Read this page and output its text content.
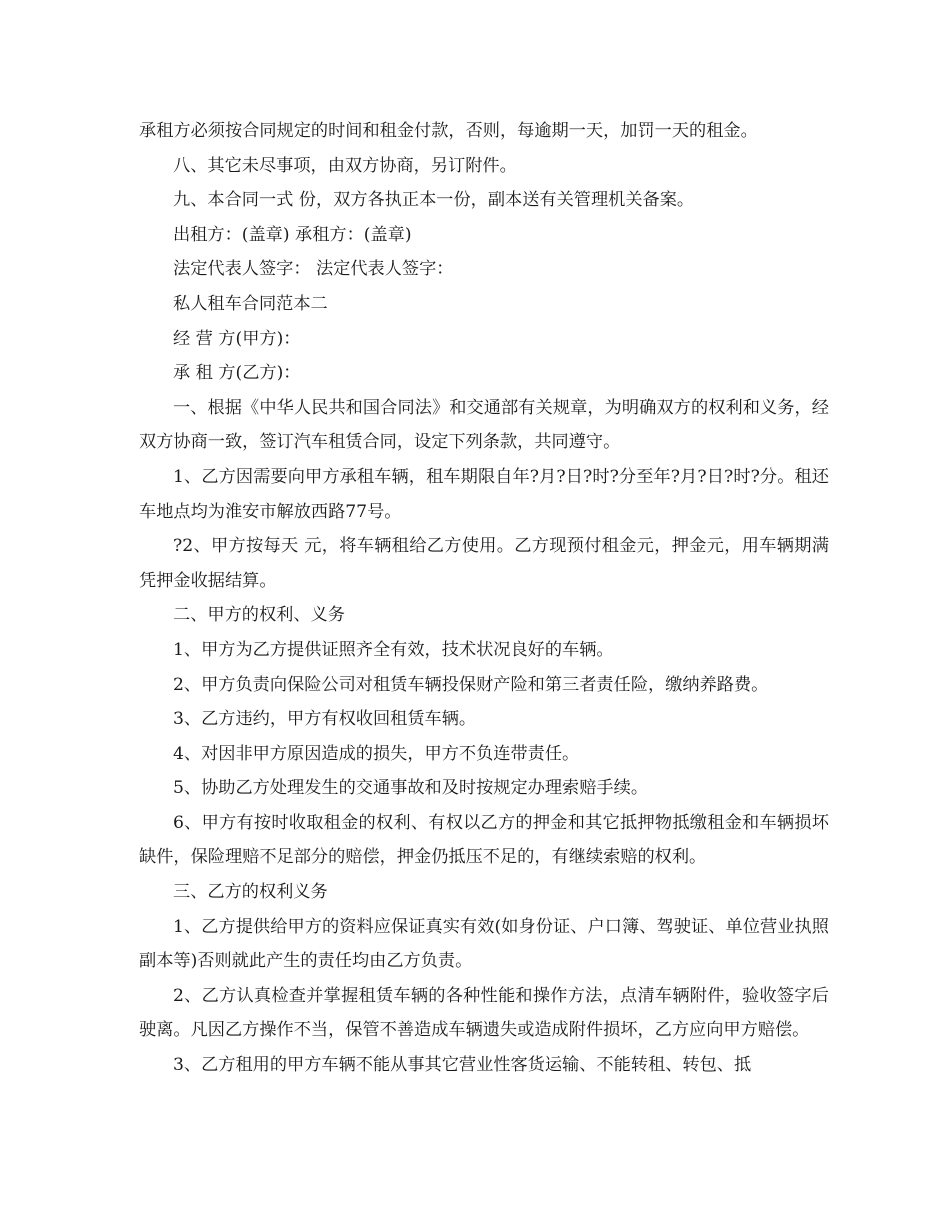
承租方必须按合同规定的时间和租金付款，否则，每逾期一天，加罚一天的租金。

八、其它未尽事项，由双方协商，另订附件。

九、本合同一式 份，双方各执正本一份，副本送有关管理机关备案。

出租方：(盖章) 承租方：(盖章)

法定代表人签字： 法定代表人签字：

私人租车合同范本二

经 营 方(甲方)：

承 租 方(乙方)：

一、根据《中华人民共和国合同法》和交通部有关规章，为明确双方的权利和义务，经双方协商一致，签订汽车租赁合同，设定下列条款，共同遵守。

1、乙方因需要向甲方承租车辆，租车期限自年?月?日?时?分至年?月?日?时?分。租还车地点均为淮安市解放西路77号。

?2、甲方按每天 元，将车辆租给乙方使用。乙方现预付租金元，押金元，用车辆期满凭押金收据结算。

二、甲方的权利、义务

1、甲方为乙方提供证照齐全有效，技术状况良好的车辆。

2、甲方负责向保险公司对租赁车辆投保财产险和第三者责任险，缴纳养路费。

3、乙方违约，甲方有权收回租赁车辆。

4、对因非甲方原因造成的损失，甲方不负连带责任。

5、协助乙方处理发生的交通事故和及时按规定办理索赔手续。

6、甲方有按时收取租金的权利、有权以乙方的押金和其它抵押物抵缴租金和车辆损坏缺件，保险理赔不足部分的赔偿，押金仍抵压不足的，有继续索赔的权利。

三、乙方的权利义务

1、乙方提供给甲方的资料应保证真实有效(如身份证、户口簿、驾驶证、单位营业执照副本等)否则就此产生的责任均由乙方负责。

2、乙方认真检查并掌握租赁车辆的各种性能和操作方法，点清车辆附件，验收签字后驶离。凡因乙方操作不当，保管不善造成车辆遗失或造成附件损坏，乙方应向甲方赔偿。

3、乙方租用的甲方车辆不能从事其它营业性客货运输、不能转租、转包、抵
